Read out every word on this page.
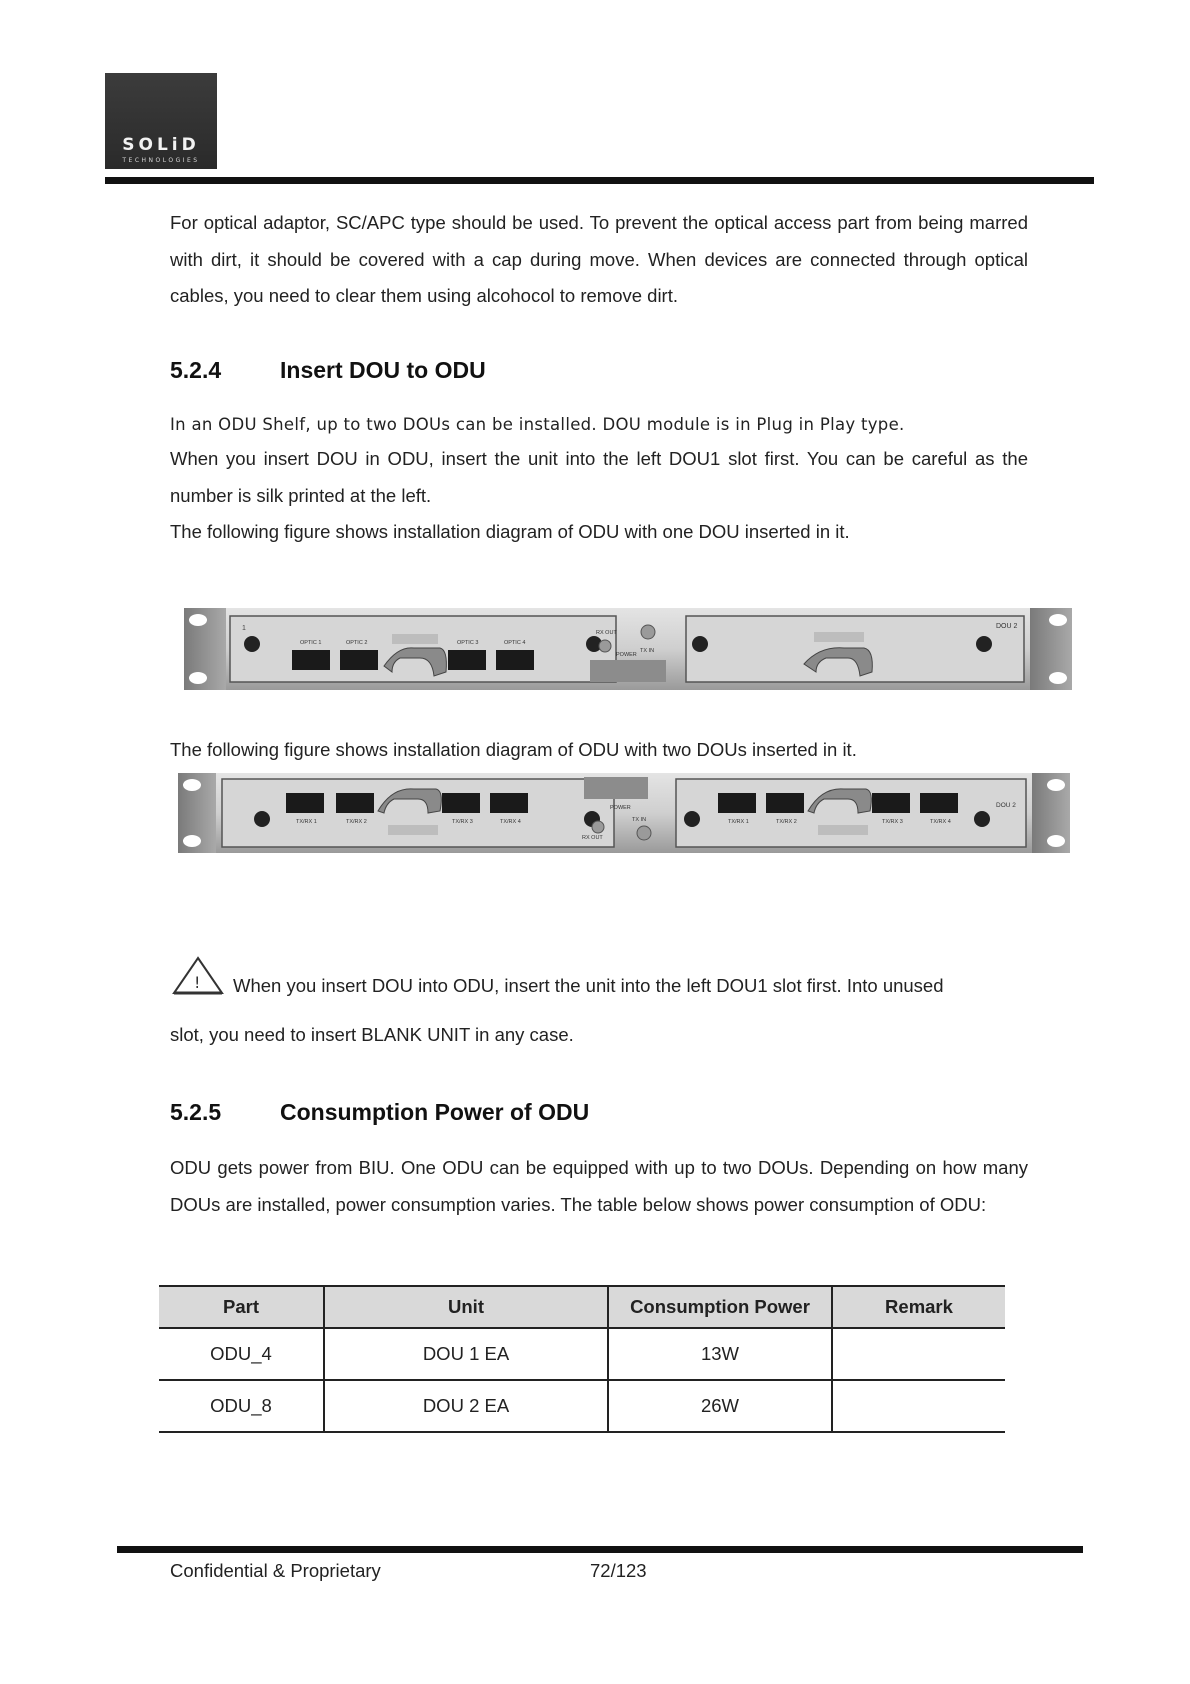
SOLiD
TECHNOLOGIES
For optical adaptor, SC/APC type should be used. To prevent the optical access part from being marred with dirt, it should be covered with a cap during move. When devices are connected through optical cables, you need to clear them using alcohocol to remove dirt.
5.2.4	Insert DOU to ODU
In an ODU Shelf, up to two DOUs can be installed. DOU module is in Plug in Play type.
When you insert DOU in ODU, insert the unit into the left DOU1 slot first. You can be careful as the number is silk printed at the left.
The following figure shows installation diagram of ODU with one DOU inserted in it.
1
OPTIC 1	OPTIC 2	OPTIC 3	OPTIC 4
RX OUT
TX IN
POWER
DOU 2
The following figure shows installation diagram of ODU with two DOUs inserted in it.
TX/RX 1	TX/RX 2	TX/RX 3	TX/RX 4
POWER
RX OUT
TX IN	TX/RX 1	TX/RX 2	TX/RX 3	TX/RX 4
DOU 2
! When you insert DOU into ODU, insert the unit into the left DOU1 slot first. Into unused
slot, you need to insert BLANK UNIT in any case.
5.2.5	Consumption Power of ODU
ODU gets power from BIU. One ODU can be equipped with up to two DOUs. Depending on how many DOUs are installed, power consumption varies. The table below shows power consumption of ODU:
Part	Unit	Consumption Power	Remark
ODU_4	DOU 1 EA	13W	
ODU_8	DOU 2 EA	26W	
Confidential & Proprietary	72/123
